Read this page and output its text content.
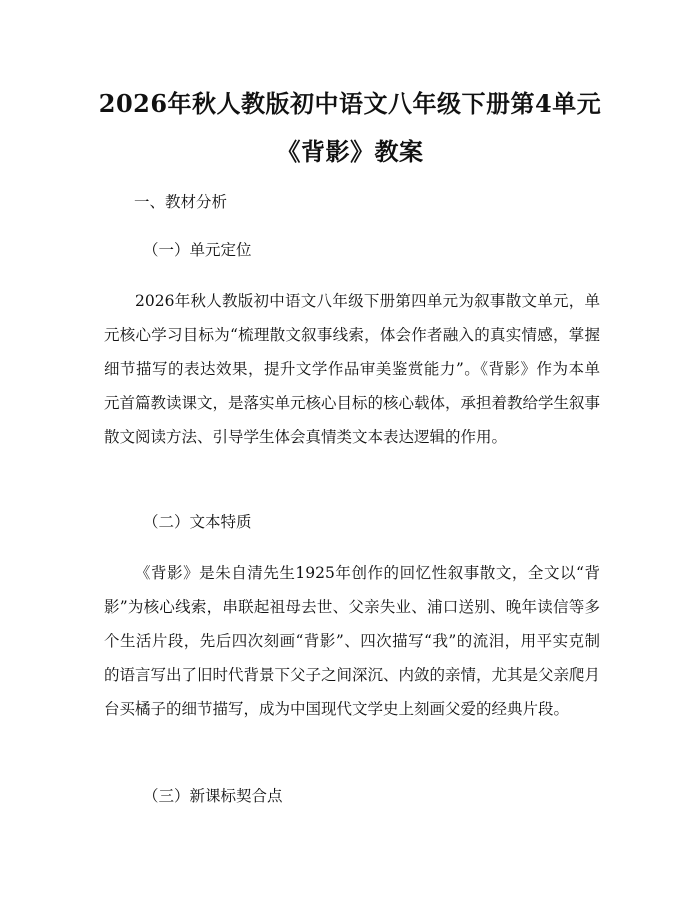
2026年秋人教版初中语文八年级下册第4单元《背影》教案

一、教材分析

（一）单元定位

2026年秋人教版初中语文八年级下册第四单元为叙事散文单元，单元核心学习目标为“梳理散文叙事线索，体会作者融入的真实情感，掌握细节描写的表达效果，提升文学作品审美鉴赏能力”。《背影》作为本单元首篇教读课文，是落实单元核心目标的核心载体，承担着教给学生叙事散文阅读方法、引导学生体会真情类文本表达逻辑的作用。

（二）文本特质

《背影》是朱自清先生1925年创作的回忆性叙事散文，全文以“背影”为核心线索，串联起祖母去世、父亲失业、浦口送别、晚年读信等多个生活片段，先后四次刻画“背影”、四次描写“我”的流泪，用平实克制的语言写出了旧时代背景下父子之间深沉、内敛的亲情，尤其是父亲爬月台买橘子的细节描写，成为中国现代文学史上刻画父爱的经典片段。

（三）新课标契合点
